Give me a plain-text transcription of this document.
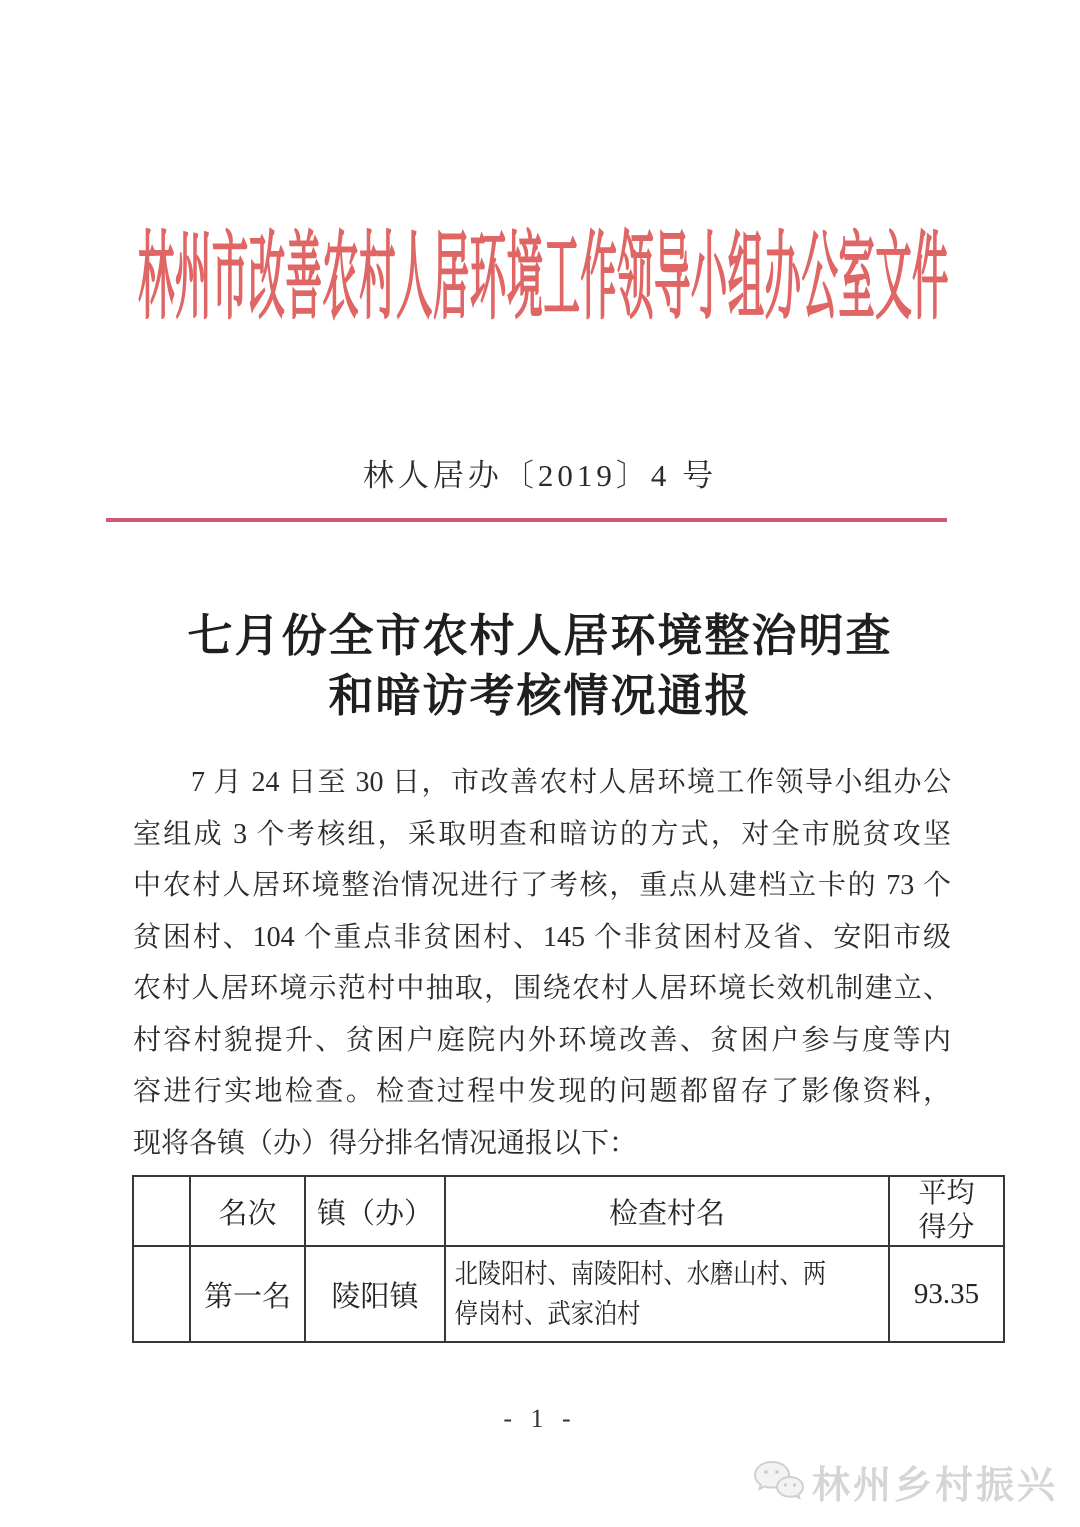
林州市改善农村人居环境工作领导小组办公室文件
林人居办〔2019〕4 号
七月份全市农村人居环境整治明查
和暗访考核情况通报
7 月 24 日至 30 日，市改善农村人居环境工作领导小组办公
室组成 3 个考核组，采取明查和暗访的方式，对全市脱贫攻坚
中农村人居环境整治情况进行了考核，重点从建档立卡的 73 个
贫困村、104 个重点非贫困村、145 个非贫困村及省、安阳市级
农村人居环境示范村中抽取，围绕农村人居环境长效机制建立、
村容村貌提升、贫困户庭院内外环境改善、贫困户参与度等内
容进行实地检查。检查过程中发现的问题都留存了影像资料，
现将各镇（办）得分排名情况通报以下：
	名次	镇（办）	检查村名	平均
得分

	第一名	陵阳镇	北陵阳村、南陵阳村、水磨山村、两
停岗村、武家泊村	93.35
- 1 -
林州乡村振兴
